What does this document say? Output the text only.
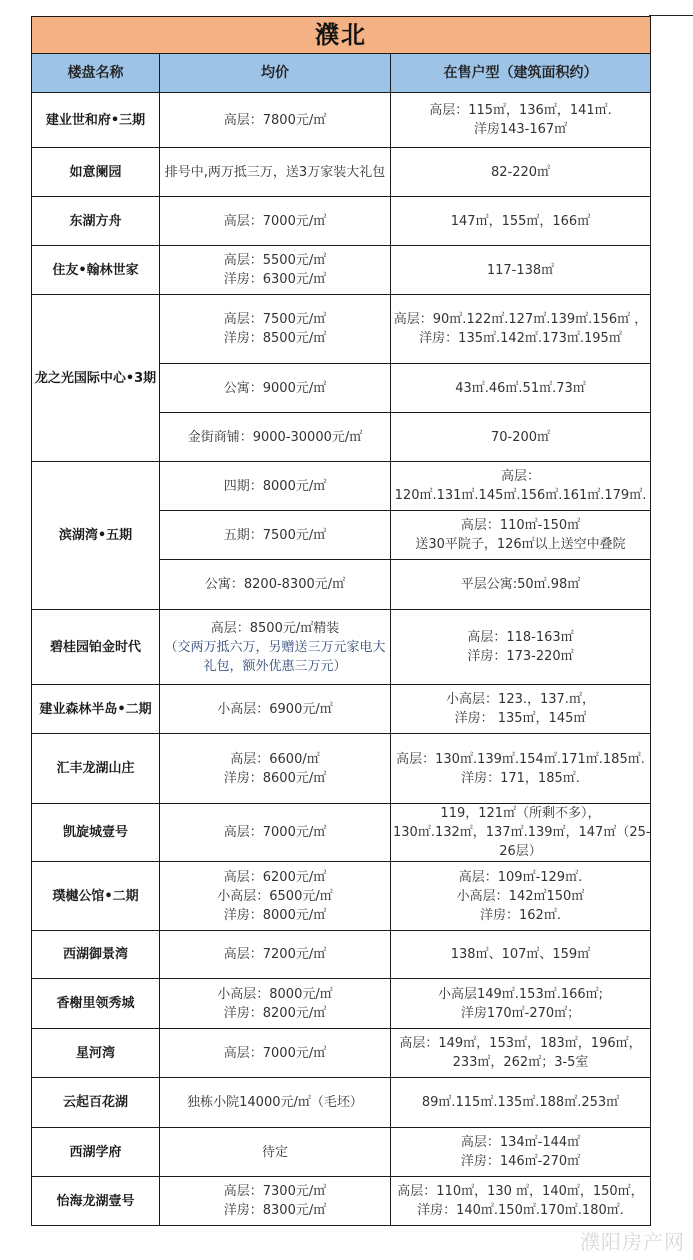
濮北		
楼盘名称	均价	在售户型（建筑面积约）
建业世和府•三期	高层：7800元/㎡	高层：115㎡，136㎡，141㎡.
洋房143-167㎡

如意阑园	排号中,两万抵三万，送3万家装大礼包	82-220㎡

东湖方舟	高层：7000元/㎡	147㎡，155㎡，166㎡

住友•翰林世家	高层：5500元/㎡
洋房：6300元/㎡	117-138㎡

龙之光国际中心•3期	高层：7500元/㎡
洋房：8500元/㎡	高层：90㎡.122㎡.127㎡.139㎡.156㎡ ，
洋房：135㎡.142㎡.173㎡.195㎡

	公寓：9000元/㎡	43㎡.46㎡.51㎡.73㎡

	金街商铺：9000-30000元/㎡	70-200㎡

滨湖湾•五期	四期：8000元/㎡	高层：
120㎡.131㎡.145㎡.156㎡.161㎡.179㎡.

	五期：7500元/㎡	高层：110㎡-150㎡
送30平院子，126㎡以上送空中叠院

	公寓：8200-8300元/㎡	平层公寓:50㎡.98㎡

碧桂园铂金时代	高层：8500元/㎡精装
（交两万抵六万，另赠送三万元家电大
礼包，额外优惠三万元）	高层：118-163㎡
洋房：173-220㎡

建业森林半岛•二期	小高层：6900元/㎡	小高层：123.，137.㎡，
洋房： 135㎡，145㎡

汇丰龙湖山庄	高层：6600/㎡
洋房：8600元/㎡	高层：130㎡.139㎡.154㎡.171㎡.185㎡.
洋房：171，185㎡.

凯旋城壹号	高层：7000元/㎡	119，121㎡（所剩不多），
130㎡.132㎡，137㎡.139㎡，147㎡（25-
26层）

璞樾公馆•二期	高层：6200元/㎡
小高层：6500元/㎡
洋房：8000元/㎡	高层：109㎡-129㎡.
小高层：142㎡150㎡
洋房：162㎡.

西湖御景湾	高层：7200元/㎡	138㎡、107㎡、159㎡

香榭里领秀城	小高层：8000元/㎡
洋房：8200元/㎡	小高层149㎡.153㎡.166㎡;
洋房170㎡-270㎡；

星河湾	高层：7000元/㎡	高层：149㎡，153㎡，183㎡，196㎡，
233㎡，262㎡；3-5室

云起百花湖	独栋小院14000元/㎡（毛坯）	89㎡.115㎡.135㎡.188㎡.253㎡

西湖学府	待定	高层：134㎡-144㎡
洋房：146㎡-270㎡

怡海龙湖壹号	高层：7300元/㎡
洋房：8300元/㎡	高层：110㎡，130 ㎡，140㎡，150㎡，
洋房：140㎡.150㎡.170㎡.180㎡.
濮阳房产网
